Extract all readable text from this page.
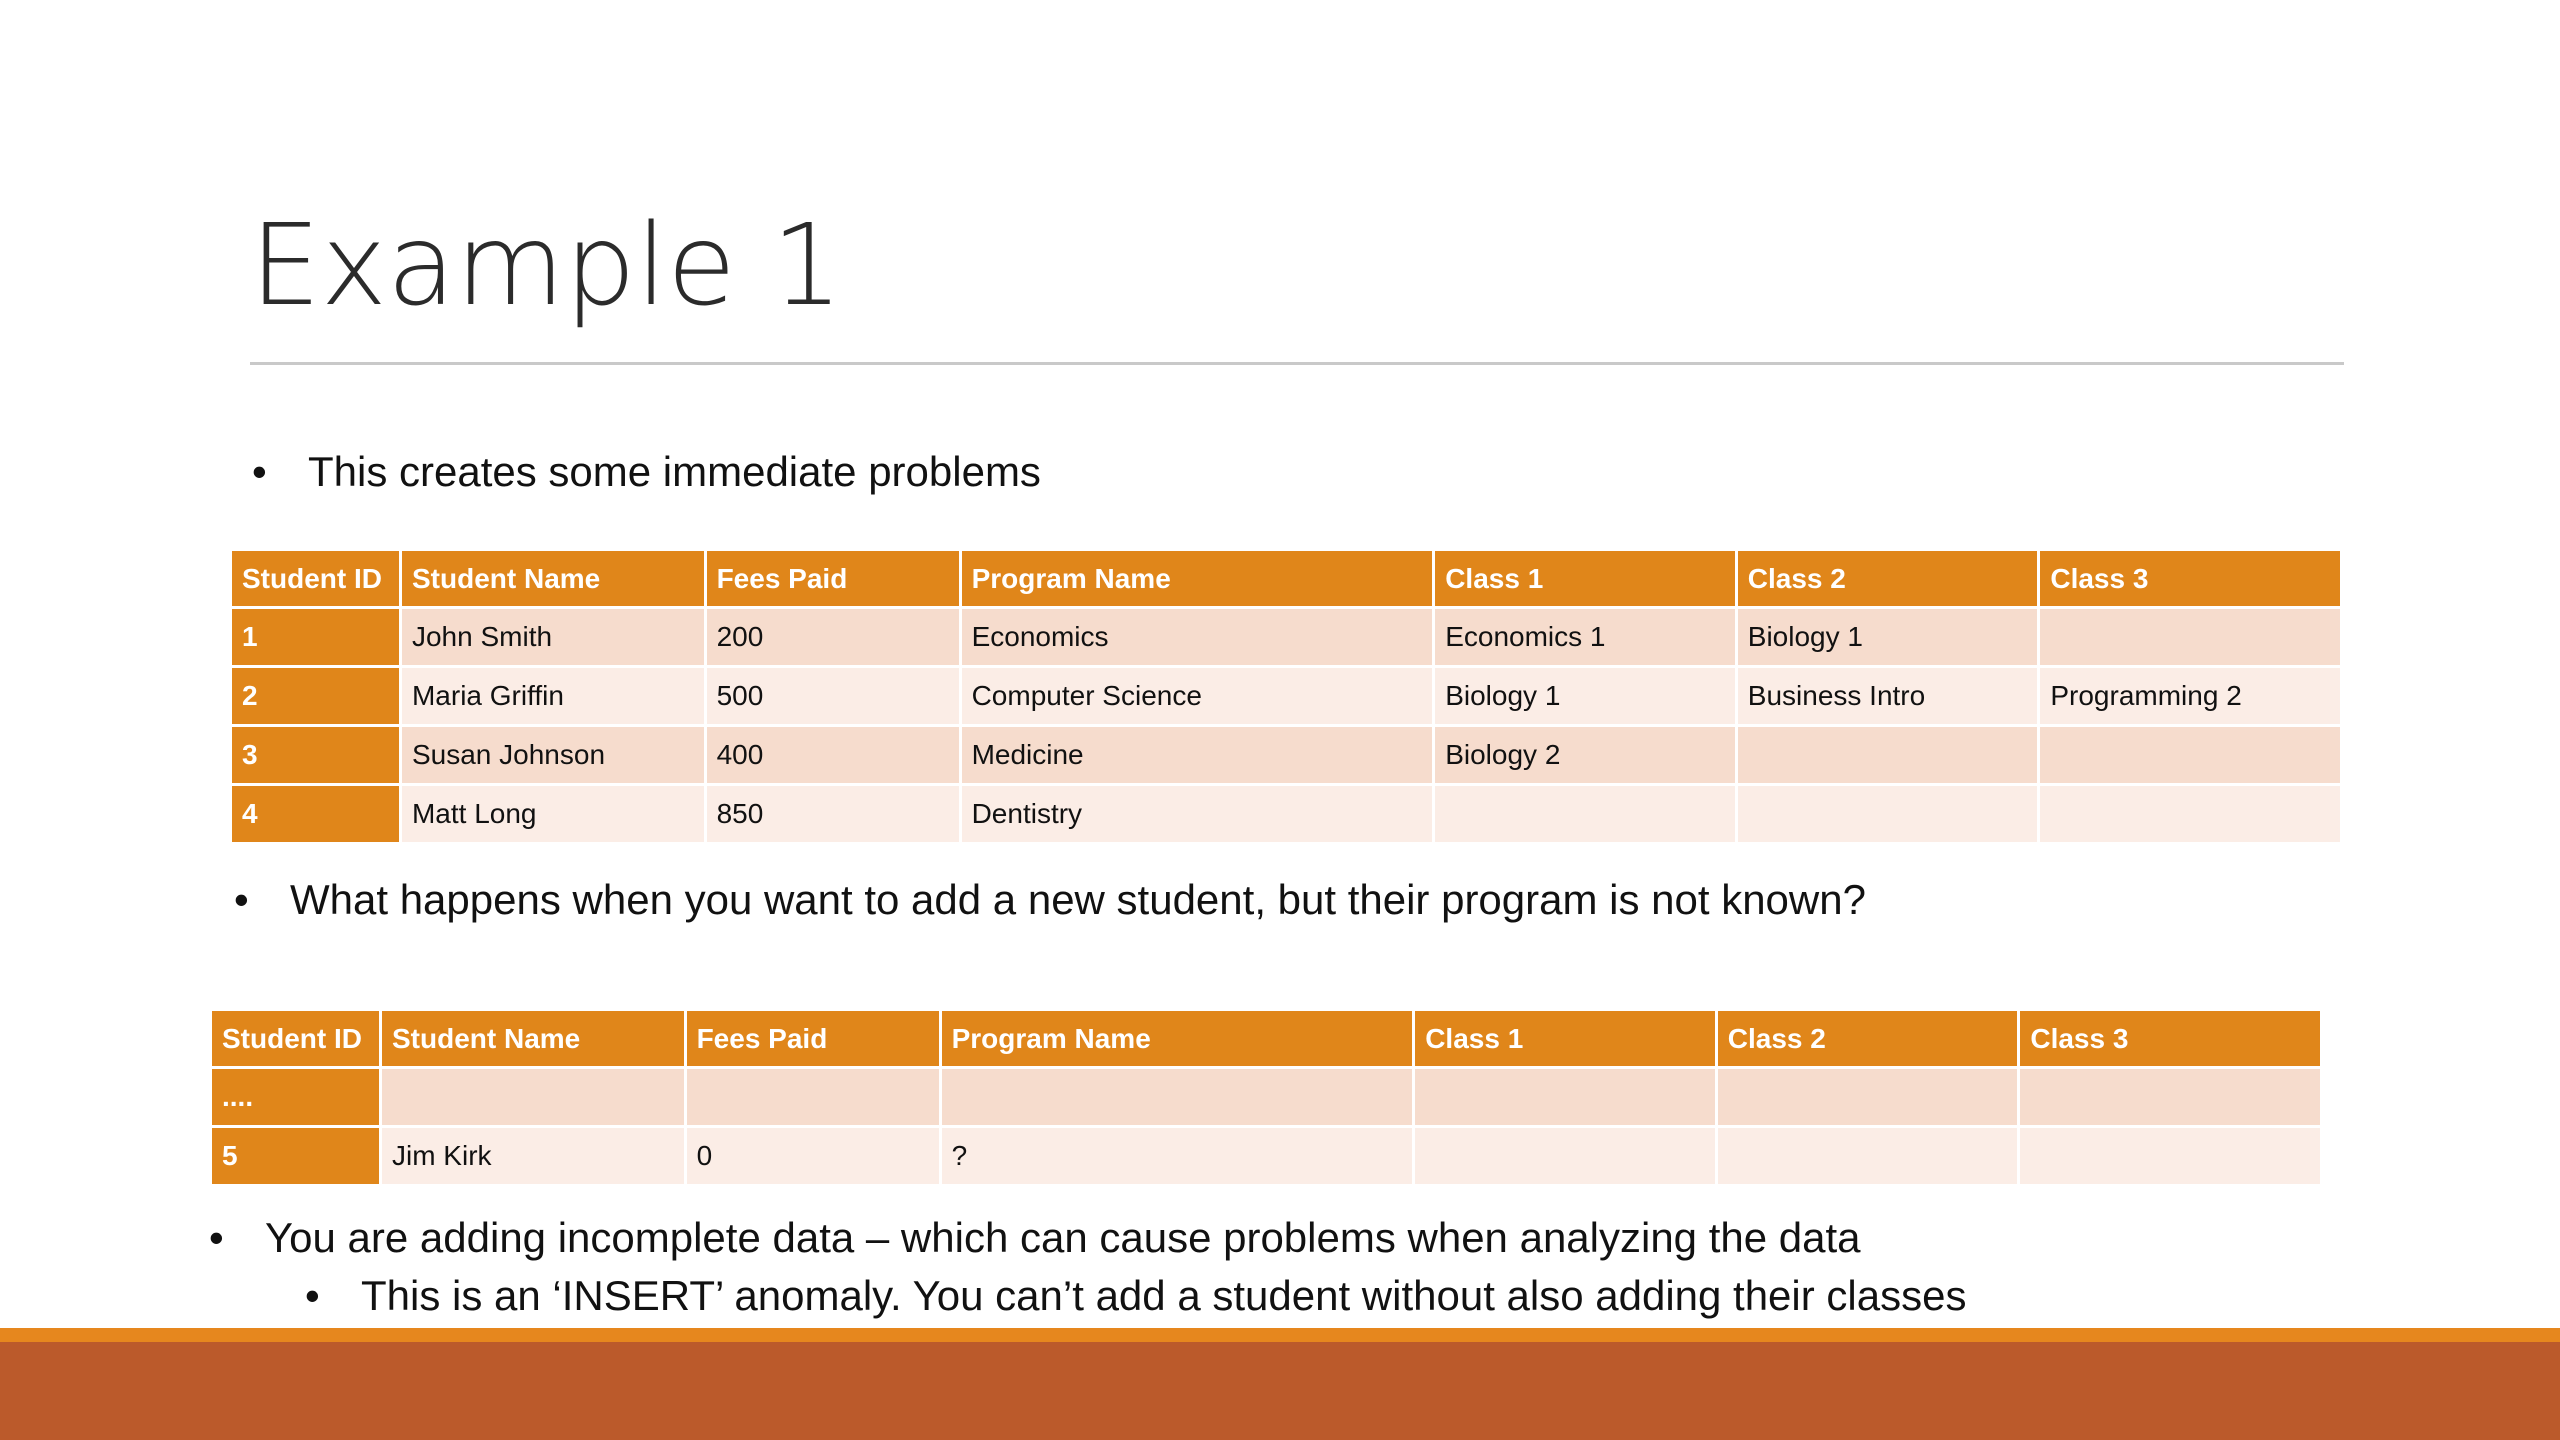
Example 1
• This creates some immediate problems
Student ID	Student Name	Fees Paid	Program Name	Class 1	Class 2	Class 3
1	John Smith	200	Economics	Economics 1	Biology 1	
2	Maria Griffin	500	Computer Science	Biology 1	Business Intro	Programming 2
3	Susan Johnson	400	Medicine	Biology 2		
4	Matt Long	850	Dentistry			
• What happens when you want to add a new student, but their program is not known?
Student ID	Student Name	Fees Paid	Program Name	Class 1	Class 2	Class 3
....						
5	Jim Kirk	0	?			
• You are adding incomplete data – which can cause problems when analyzing the data
• This is an ‘INSERT’ anomaly. You can’t add a student without also adding their classes
